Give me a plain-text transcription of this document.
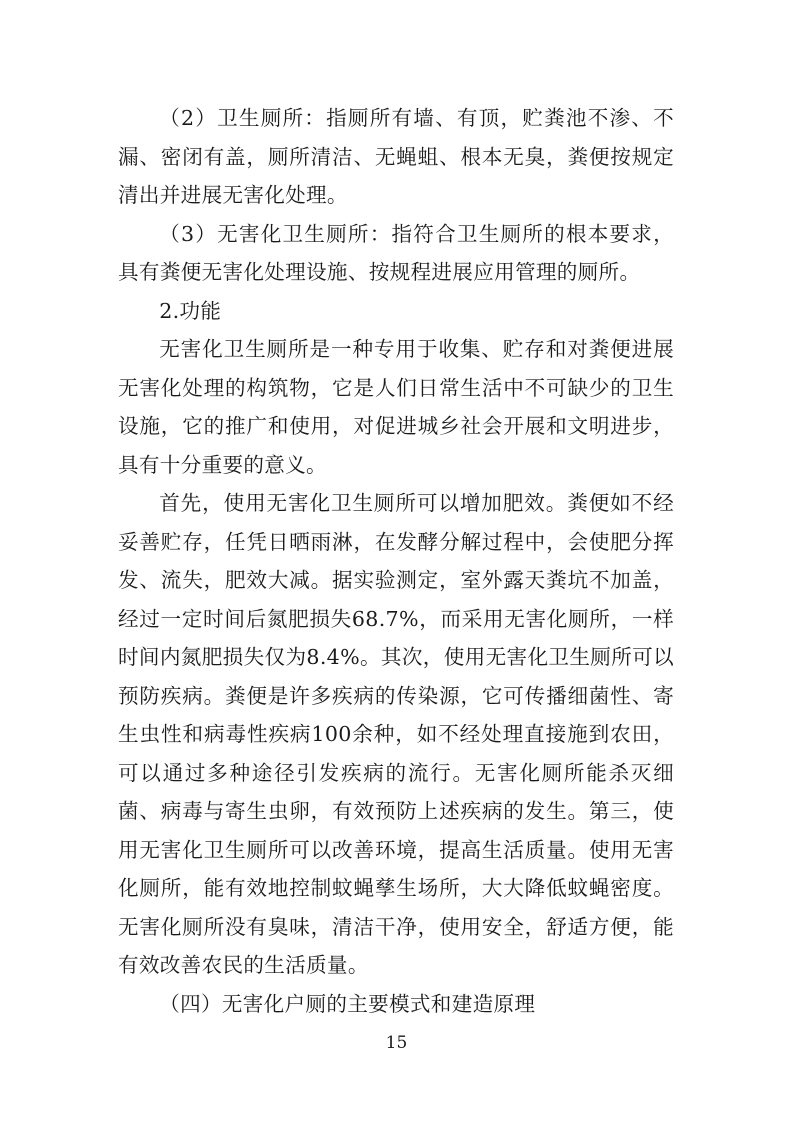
（2）卫生厕所：指厕所有墙、有顶，贮粪池不渗、不漏、密闭有盖，厕所清洁、无蝇蛆、根本无臭，粪便按规定清出并进展无害化处理。

（3）无害化卫生厕所：指符合卫生厕所的根本要求，具有粪便无害化处理设施、按规程进展应用管理的厕所。

2.功能

无害化卫生厕所是一种专用于收集、贮存和对粪便进展无害化处理的构筑物，它是人们日常生活中不可缺少的卫生设施，它的推广和使用，对促进城乡社会开展和文明进步，具有十分重要的意义。

首先，使用无害化卫生厕所可以增加肥效。粪便如不经妥善贮存，任凭日晒雨淋，在发酵分解过程中，会使肥分挥发、流失，肥效大减。据实验测定，室外露天粪坑不加盖，经过一定时间后氮肥损失68.7%，而采用无害化厕所，一样时间内氮肥损失仅为8.4%。其次，使用无害化卫生厕所可以预防疾病。粪便是许多疾病的传染源，它可传播细菌性、寄生虫性和病毒性疾病100余种，如不经处理直接施到农田，可以通过多种途径引发疾病的流行。无害化厕所能杀灭细菌、病毒与寄生虫卵，有效预防上述疾病的发生。第三，使用无害化卫生厕所可以改善环境，提高生活质量。使用无害化厕所，能有效地控制蚊蝇孳生场所，大大降低蚊蝇密度。无害化厕所没有臭味，清洁干净，使用安全，舒适方便，能有效改善农民的生活质量。

（四）无害化户厕的主要模式和建造原理

15
